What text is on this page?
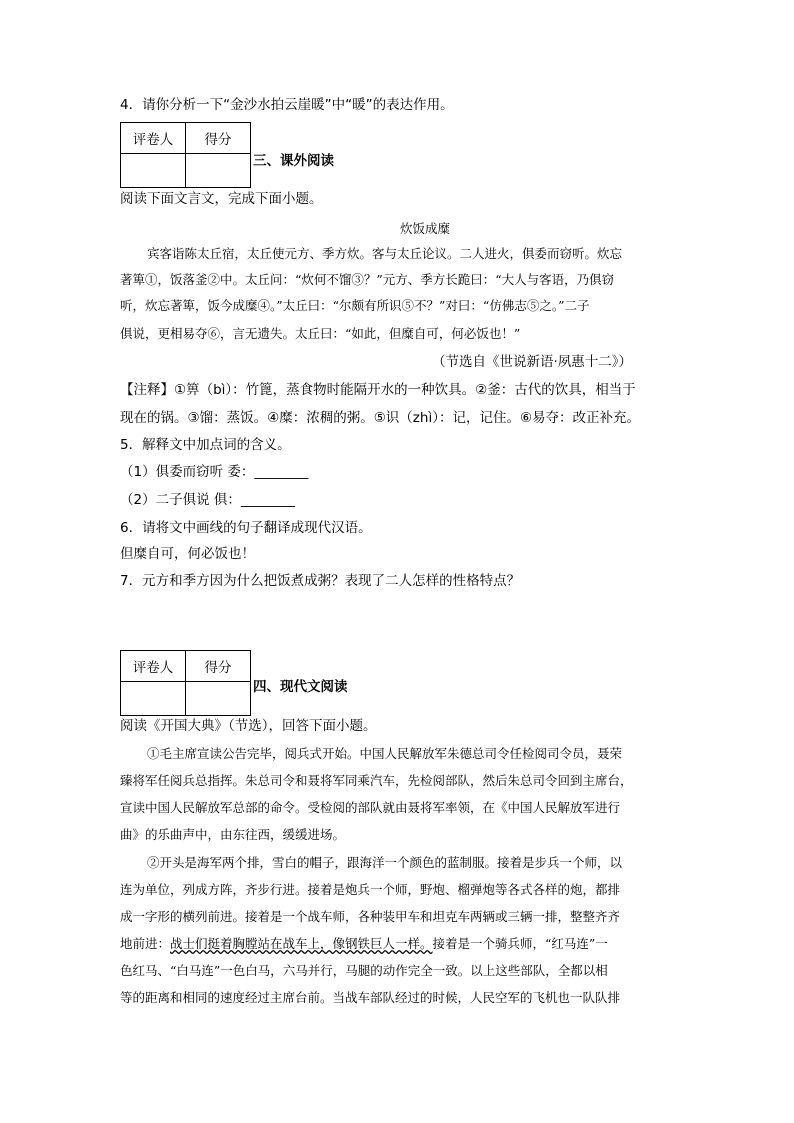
4．请你分析一下“金沙水拍云崖暖”中“暖”的表达作用。
评卷人	得分

三、课外阅读
阅读下面文言文，完成下面小题。
炊饭成糜
宾客诣陈太丘宿，太丘使元方、季方炊。客与太丘论议。二人进火，俱委而窃听。炊忘
著箄①，饭落釜②中。太丘问：“炊何不馏③？”元方、季方长跪曰：“大人与客语，乃俱窃
听，炊忘著箄，饭今成糜④。”太丘曰：“尔颇有所识⑤不？”对曰：“仿佛志⑤之。”二子
俱说，更相易夺⑥，言无遗失。太丘曰：“如此，但糜自可，何必饭也！”
（节选自《世说新语·夙惠十二》）
【注释】①箅（bì）：竹篦，蒸食物时能隔开水的一种饮具。②釜：古代的饮具，相当于
现在的锅。③馏：蒸饭。④糜：浓稠的粥。⑤识（zhì）：记，记住。⑥易夺：改正补充。
5．解释文中加点词的含义。
（1）俱委而窃听 委：________
（2）二子俱说 俱：________
6．请将文中画线的句子翻译成现代汉语。
但糜自可，何必饭也！
7．元方和季方因为什么把饭煮成粥？表现了二人怎样的性格特点？
评卷人	得分

四、现代文阅读
阅读《开国大典》（节选），回答下面小题。
①毛主席宣读公告完毕，阅兵式开始。中国人民解放军朱德总司令任检阅司令员，聂荣
臻将军任阅兵总指挥。朱总司令和聂将军同乘汽车，先检阅部队，然后朱总司令回到主席台，
宣读中国人民解放军总部的命令。受检阅的部队就由聂将军率领，在《中国人民解放军进行
曲》的乐曲声中，由东往西，缓缓进场。
②开头是海军两个排，雪白的帽子，跟海洋一个颜色的蓝制服。接着是步兵一个师，以
连为单位，列成方阵，齐步行进。接着是炮兵一个师，野炮、榴弹炮等各式各样的炮，都排
成一字形的横列前进。接着是一个战车师，各种装甲车和坦克车两辆或三辆一排，整整齐齐
地前进：战士们挺着胸膛站在战车上，像钢铁巨人一样。接着是一个骑兵师，“红马连”一
色红马、“白马连”一色白马，六马并行，马腿的动作完全一致。以上这些部队，全都以相
等的距离和相同的速度经过主席台前。当战车部队经过的时候，人民空军的飞机也一队队排
